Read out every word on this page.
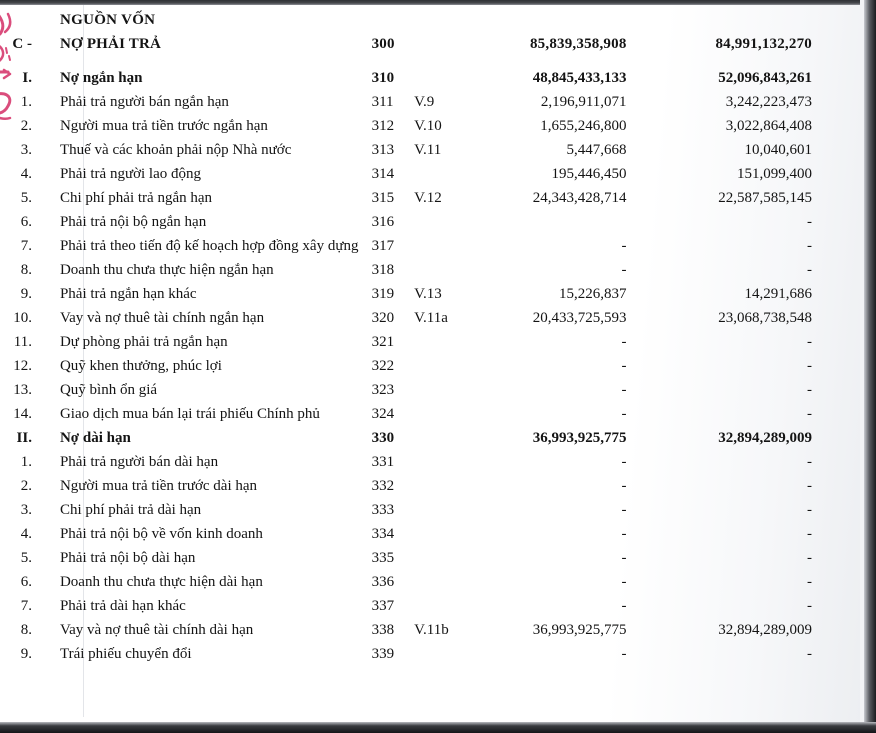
	NGUỒN VỐN				
C -	NỢ PHẢI TRẢ	300		85,839,358,908	84,991,132,270
I.	Nợ ngắn hạn	310		48,845,433,133	52,096,843,261
1.	Phải trả người bán ngắn hạn	311	V.9	2,196,911,071	3,242,223,473
2.	Người mua trả tiền trước ngắn hạn	312	V.10	1,655,246,800	3,022,864,408
3.	Thuế và các khoản phải nộp Nhà nước	313	V.11	5,447,668	10,040,601
4.	Phải trả người lao động	314		195,446,450	151,099,400
5.	Chi phí phải trả ngắn hạn	315	V.12	24,343,428,714	22,587,585,145
6.	Phải trả nội bộ ngắn hạn	316			-
7.	Phải trả theo tiến độ kế hoạch hợp đồng xây dựng	317		-	-
8.	Doanh thu chưa thực hiện ngắn hạn	318		-	-
9.	Phải trả ngắn hạn khác	319	V.13	15,226,837	14,291,686
10.	Vay và nợ thuê tài chính ngắn hạn	320	V.11a	20,433,725,593	23,068,738,548
11.	Dự phòng phải trả ngắn hạn	321		-	-
12.	Quỹ khen thưởng, phúc lợi	322		-	-
13.	Quỹ bình ổn giá	323		-	-
14.	Giao dịch mua bán lại trái phiếu Chính phủ	324		-	-
II.	Nợ dài hạn	330		36,993,925,775	32,894,289,009
1.	Phải trả người bán dài hạn	331		-	-
2.	Người mua trả tiền trước dài hạn	332		-	-
3.	Chi phí phải trả dài hạn	333		-	-
4.	Phải trả nội bộ về vốn kinh doanh	334		-	-
5.	Phải trả nội bộ dài hạn	335		-	-
6.	Doanh thu chưa thực hiện dài hạn	336		-	-
7.	Phải trả dài hạn khác	337		-	-
8.	Vay và nợ thuê tài chính dài hạn	338	V.11b	36,993,925,775	32,894,289,009
9.	Trái phiếu chuyển đổi	339		-	-
